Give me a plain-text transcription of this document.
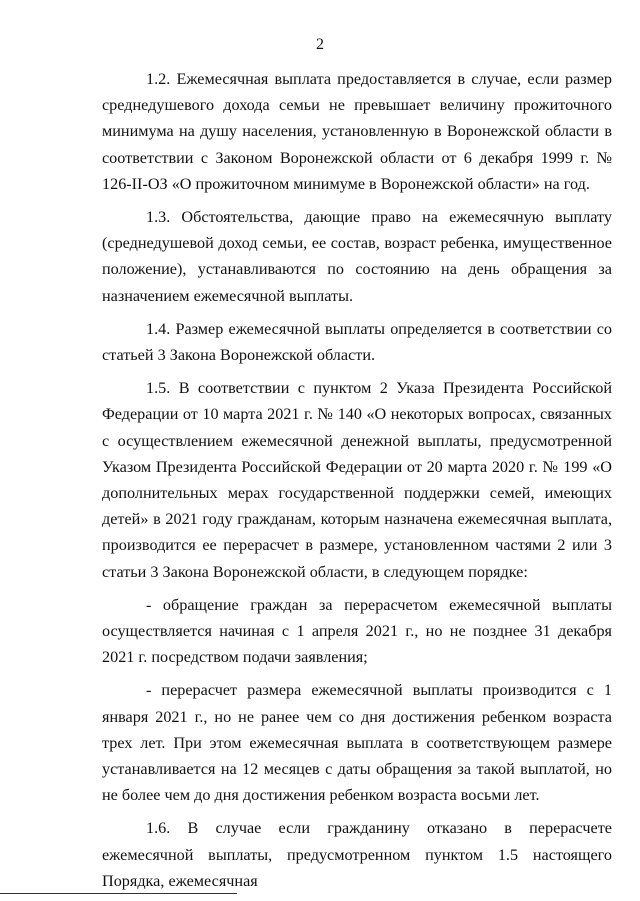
2

1.2. Ежемесячная выплата предоставляется в случае, если размер среднедушевого дохода семьи не превышает величину прожиточного минимума на душу населения, установленную в Воронежской области в соответствии с Законом Воронежской области от 6 декабря 1999 г. № 126-II-ОЗ «О прожиточном минимуме в Воронежской области» на год.

1.3. Обстоятельства, дающие право на ежемесячную выплату (среднедушевой доход семьи, ее состав, возраст ребенка, имущественное положение), устанавливаются по состоянию на день обращения за назначением ежемесячной выплаты.

1.4. Размер ежемесячной выплаты определяется в соответствии со статьей 3 Закона Воронежской области.

1.5. В соответствии с пунктом 2 Указа Президента Российской Федерации от 10 марта 2021 г. № 140 «О некоторых вопросах, связанных с осуществлением ежемесячной денежной выплаты, предусмотренной Указом Президента Российской Федерации от 20 марта 2020 г. № 199 «О дополнительных мерах государственной поддержки семей, имеющих детей» в 2021 году гражданам, которым назначена ежемесячная выплата, производится ее перерасчет в размере, установленном частями 2 или 3 статьи 3 Закона Воронежской области, в следующем порядке:

- обращение граждан за перерасчетом ежемесячной выплаты осуществляется начиная с 1 апреля 2021 г., но не позднее 31 декабря 2021 г. посредством подачи заявления;

- перерасчет размера ежемесячной выплаты производится с 1 января 2021 г., но не ранее чем со дня достижения ребенком возраста трех лет. При этом ежемесячная выплата в соответствующем размере устанавливается на 12 месяцев с даты обращения за такой выплатой, но не более чем до дня достижения ребенком возраста восьми лет.

1.6. В случае если гражданину отказано в перерасчете ежемесячной выплаты, предусмотренном пунктом 1.5 настоящего Порядка, ежемесячная
